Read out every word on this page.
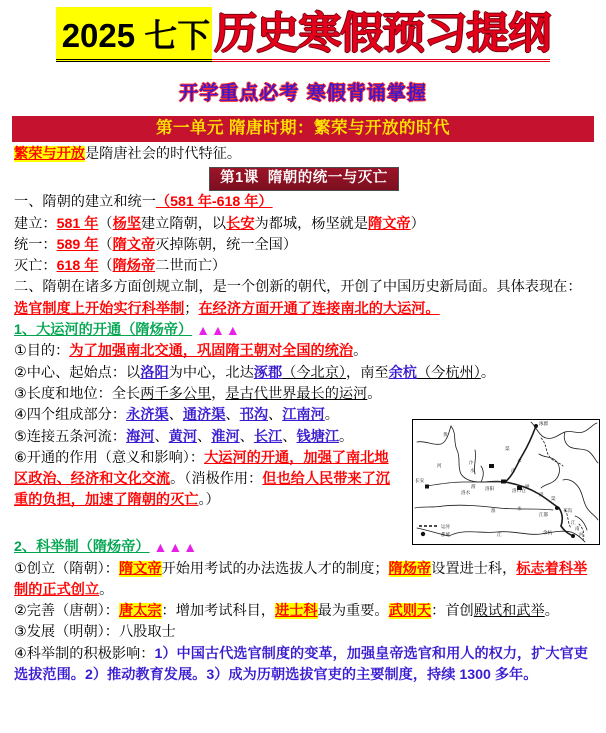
2025 七下 历史寒假预习提纲
开学重点必考 寒假背诵掌握
第一单元 隋唐时期：繁荣与开放的时代
繁荣与开放是隋唐社会的时代特征。
第1课 隋朝的统一与灭亡
一、隋朝的建立和统一（581 年-618 年）
建立：581 年（杨坚建立隋朝，以长安为都城，杨坚就是隋文帝）
统一：589 年（隋文帝灭掉陈朝，统一全国）
灭亡：618 年（隋炀帝二世而亡）
二、隋朝在诸多方面创规立制，是一个创新的朝代，开创了中国历史新局面。具体表现在：选官制度上开始实行科举制；在经济方面开通了连接南北的大运河。
1、大运河的开通（隋炀帝） ▲▲▲
①目的：为了加强南北交通，巩固隋王朝对全国的统治。
②中心、起始点：以洛阳为中心，北达涿郡（今北京），南至余杭（今杭州）。
③长度和地位：全长两千多公里，是古代世界最长的运河。
④四个组成部分：永济渠、通济渠、邗沟、江南河。
⑤连接五条河流：海河、黄河、淮河、长江、钱塘江。
⑥开通的作用（意义和影响）：大运河的开通，加强了南北地区政治、经济和文化交流。（消极作用：但也给人民带来了沉重的负担，加速了隋朝的灭亡。）
2、科举制（隋炀帝） ▲▲▲
①创立（隋朝）：隋文帝开始用考试的办法选拔人才的制度；隋炀帝设置进士科，标志着科举制的正式创立。
②完善（唐朝）：唐太宗：增加考试科目，进士科最为重要。武则天：首创殿试和武举。
③发展（明朝）：八股取士
④科举制的积极影响：1）中国古代选官制度的变革，加强皇帝选官和用人的权力，扩大官吏选拔范围。2）推动教育发展。3）成为历朝选拔官吏的主要制度，持续 1300 多年。
黄
河
涿郡
永
济
渠
汴
水
长安
洛阳	洛口仓
通
济
渠
渭
洛水
淮	水
江都
邗沟
余杭
江
江
南
河
运河
都城
